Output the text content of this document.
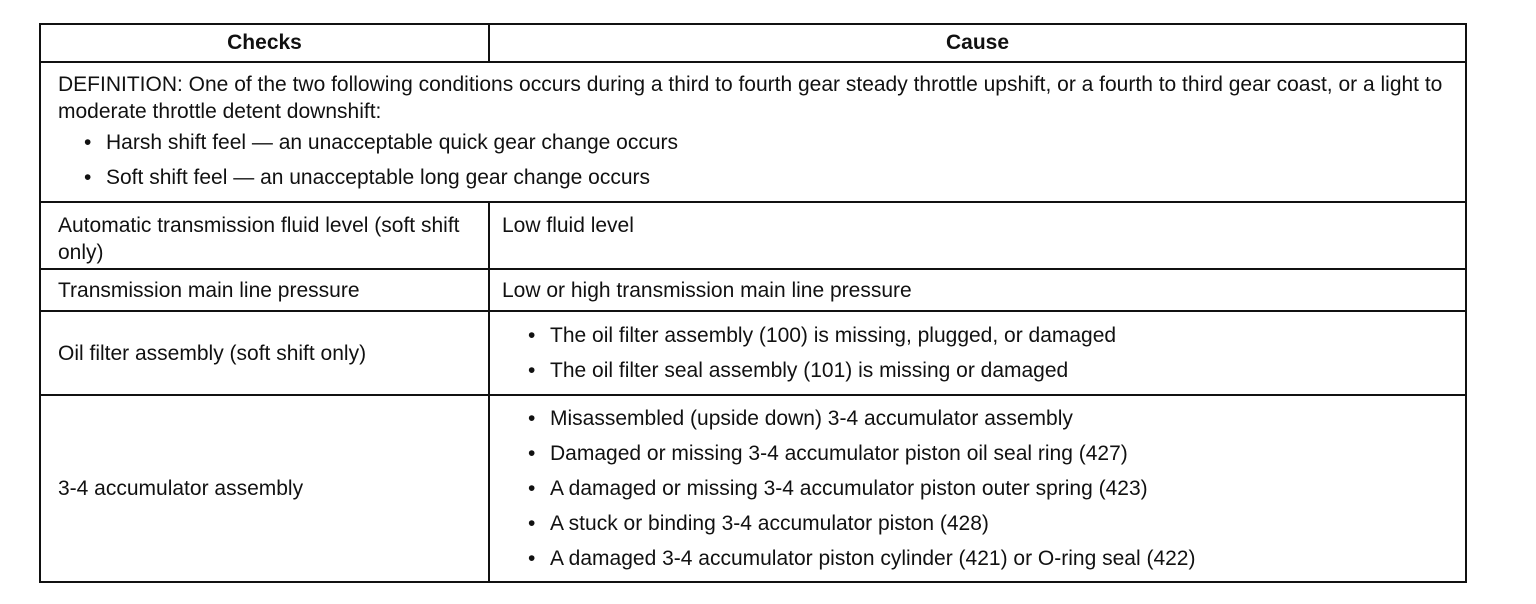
Checks	Cause

DEFINITION: One of the two following conditions occurs during a third to fourth gear steady throttle upshift, or a fourth to third gear coast, or a light to moderate throttle detent downshift:

• Harsh shift feel — an unacceptable quick gear change occurs
• Soft shift feel — an unacceptable long gear change occurs
Automatic transmission fluid level (soft shift only)
Low fluid level
Transmission main line pressure	Low or high transmission main line pressure
Oil filter assembly (soft shift only)
• The oil filter assembly (100) is missing, plugged, or damaged
• The oil filter seal assembly (101) is missing or damaged
3-4 accumulator assembly
• Misassembled (upside down) 3-4 accumulator assembly
• Damaged or missing 3-4 accumulator piston oil seal ring (427)
• A damaged or missing 3-4 accumulator piston outer spring (423)
• A stuck or binding 3-4 accumulator piston (428)
• A damaged 3-4 accumulator piston cylinder (421) or O-ring seal (422)
